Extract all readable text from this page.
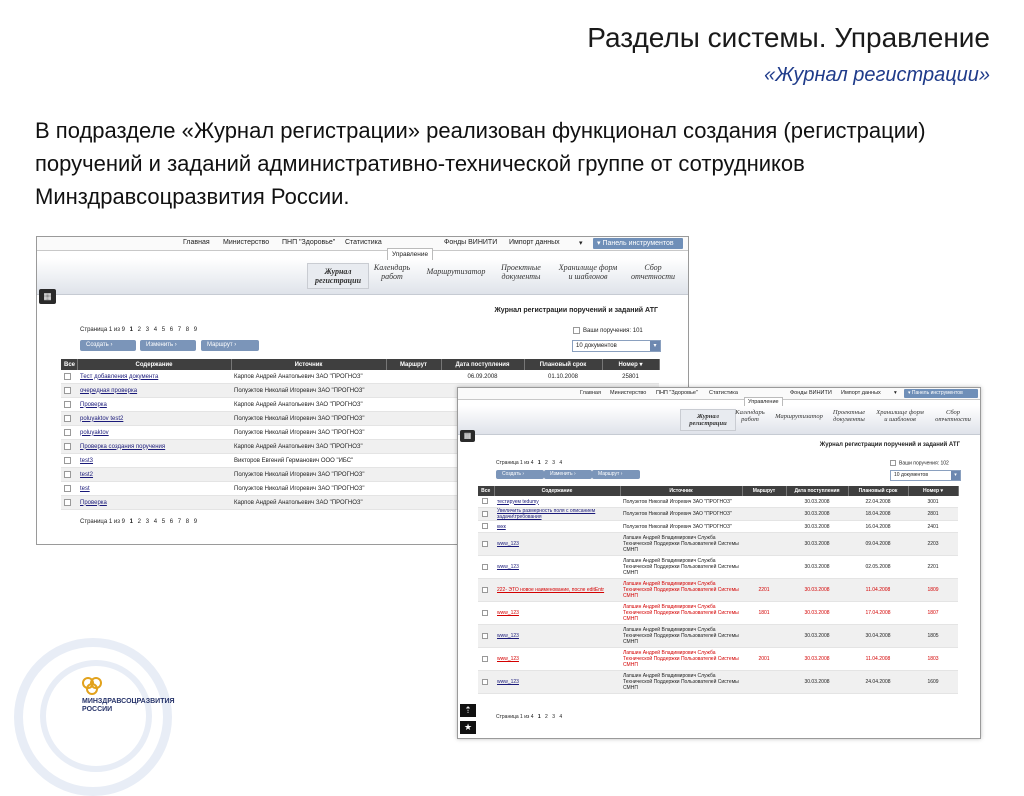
Разделы системы. Управление
«Журнал регистрации»
В подразделе «Журнал регистрации» реализован функционал создания (регистрации) поручений и заданий административно-технической группе от сотрудников Минздравсоцразвития России.
Главная Министерство ПНП "Здоровье" Статистика	Фонды ВИНИТИ Импорт данных	▾	▾ Панель инструментов
Управление
Журнал
регистрации
Календарь
работ
Маршрутизатор	Проектные
документы
Хранилище форм
и шаблонов
Сбор
отчетности
▦
Журнал регистрации поручений и заданий АТГ
Страница 1 из 9 1 2 3 4 5 6 7 8 9
Создать ›	Изменить ›	Маршрут ›
Ваши поручения: 101
10 документов	▾
Все	Содержание	Источник	Маршрут	Дата поступления	Плановый срок	Номер ▾
	Тест добавления документа	Карпов Андрей Анатольевич ЗАО "ПРОГНОЗ"		06.09.2008	01.10.2008	25801
	очередная проверка	Полуэктов Николай Игоревич ЗАО "ПРОГНОЗ"				
	Проверка	Карпов Андрей Анатольевич ЗАО "ПРОГНОЗ"				
	poluyaktov test2	Полуэктов Николай Игоревич ЗАО "ПРОГНОЗ"				
	poluyaktov	Полуэктов Николай Игоревич ЗАО "ПРОГНОЗ"				
	Проверка создания поручения	Карпов Андрей Анатольевич ЗАО "ПРОГНОЗ"				
	test3	Викторов Евгений Германович ООО "ИБС"				
	test2	Полуэктов Николай Игоревич ЗАО "ПРОГНОЗ"				
	test	Полуэктов Николай Игоревич ЗАО "ПРОГНОЗ"				
	Проверка	Карпов Андрей Анатольевич ЗАО "ПРОГНОЗ"				
Страница 1 из 9 1 2 3 4 5 6 7 8 9
Главная Министерство ПНП "Здоровье" Статистика	Фонды ВИНИТИ Импорт данных ▾	▾ Панель инструментов
Управление
Журнал
регистрации
Календарь
работ	Маршрутизатор
Проектные
документы
Хранилище форм
и шаблонов
Сбор
отчетности
▦
Журнал регистрации поручений и заданий АТГ
Страница 1 из 4 1 2 3 4
Создать ›	Изменить ›	Маршрут ›
Ваши поручения: 102
10 документов	▾
Все	Содержание	Источник	Маршрут	Дата поступления	Плановый срок	Номер ▾
	тестируем tedumy	Полуэктов Николай Игоревич ЗАО "ПРОГНОЗ"		30.03.2008	22.04.2008	3001
	Увеличить размерность поля с описанием задачи\требования	Полуэктов Николай Игоревич ЗАО "ПРОГНОЗ"		30.03.2008	18.04.2008	2801
	кккк	Полуэктов Николай Игоревич ЗАО "ПРОГНОЗ"		30.03.2008	16.04.2008	2401
	www_123	Лапшин Андрей Владимирович Служба Технической Поддержки Пользователей Системы СМНП		30.03.2008	09.04.2008	2203
	www_123	Лапшин Андрей Владимирович Служба Технической Поддержки Пользователей Системы СМНП		30.03.2008	02.05.2008	2201
	222- ЭТО новое наименование, после editEntr	Лапшин Андрей Владимирович Служба Технической Поддержки Пользователей Системы СМНП	2201	30.03.2008	11.04.2008	1809
	www_123	Лапшин Андрей Владимирович Служба Технической Поддержки Пользователей Системы СМНП	1801	30.03.2008	17.04.2008	1807
	www_123	Лапшин Андрей Владимирович Служба Технической Поддержки Пользователей Системы СМНП		30.03.2008	30.04.2008	1805
	www_123	Лапшин Андрей Владимирович Служба Технической Поддержки Пользователей Системы СМНП	2001	30.03.2008	11.04.2008	1803
	www_123	Лапшин Андрей Владимирович Служба Технической Поддержки Пользователей Системы СМНП		30.03.2008	24.04.2008	1609
⇡
★
Страница 1 из 4 1 2 3 4
МИНЗДРАВСОЦРАЗВИТИЯ
РОССИИ
